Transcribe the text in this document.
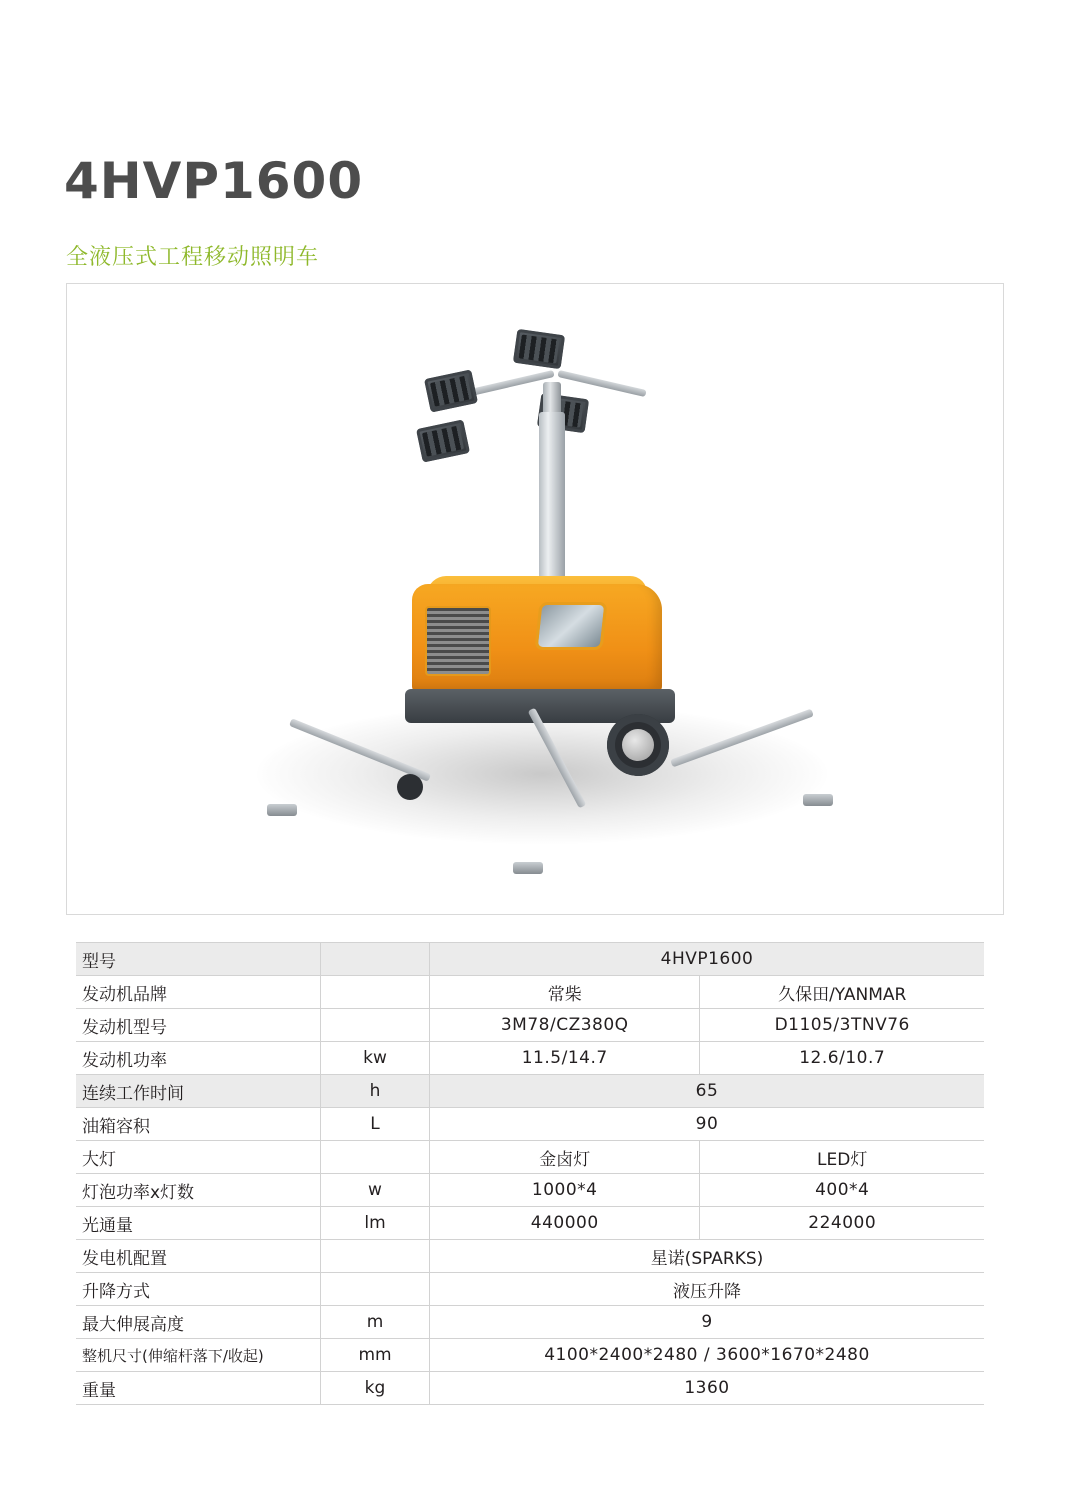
4HVP1600
全液压式工程移动照明车
型号		4HVP1600	
发动机品牌		常柴	久保田/YANMAR
发动机型号		3M78/CZ380Q	D1105/3TNV76
发动机功率	kw	11.5/14.7	12.6/10.7
连续工作时间	h	65	
油箱容积	L	90	
大灯		金卤灯	LED灯
灯泡功率x灯数	w	1000*4	400*4
光通量	lm	440000	224000
发电机配置		星诺(SPARKS)	
升降方式		液压升降	
最大伸展高度	m	9	
整机尺寸(伸缩杆落下/收起)	mm	4100*2400*2480 / 3600*1670*2480	
重量	kg	1360	
